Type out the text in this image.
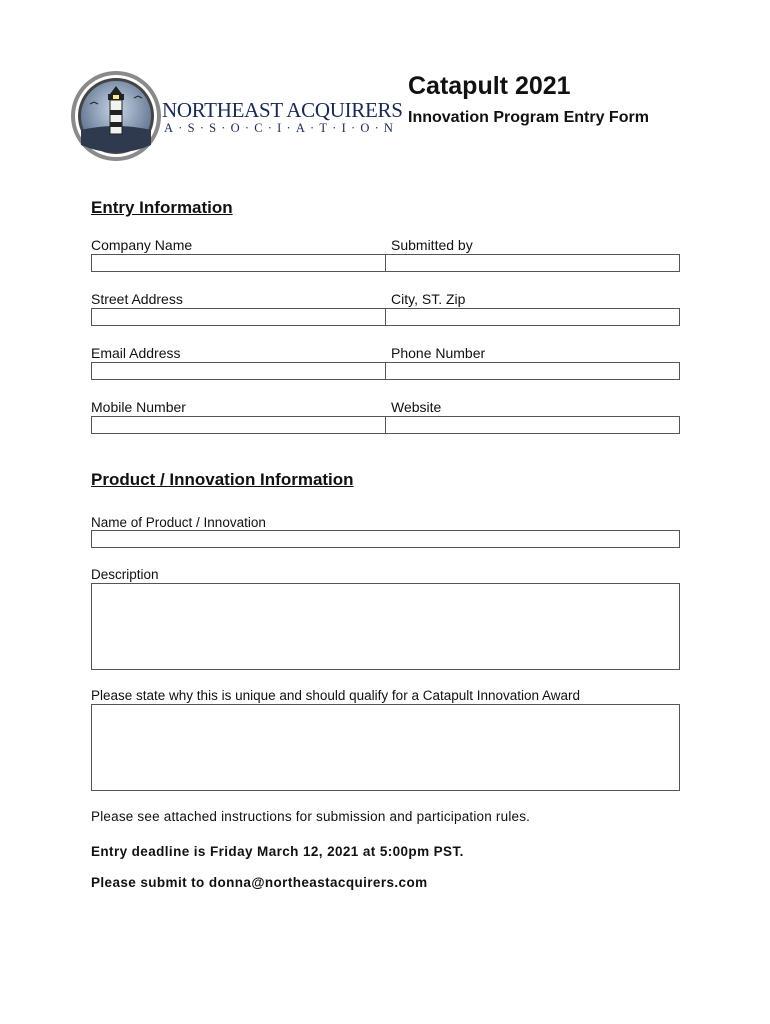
NORTHEAST ACQUIRERS
A·S·S·O·C·I·A·T·I·O·N
Catapult 2021
Innovation Program Entry Form
Entry Information
Company Name	Submitted by
Street Address	City, ST. Zip
Email Address	Phone Number
Mobile Number	Website
Product / Innovation Information
Name of Product / Innovation
Description
Please state why this is unique and should qualify for a Catapult Innovation Award
Please see attached instructions for submission and participation rules.
Entry deadline is Friday March 12, 2021 at 5:00pm PST.
Please submit to donna@northeastacquirers.com
